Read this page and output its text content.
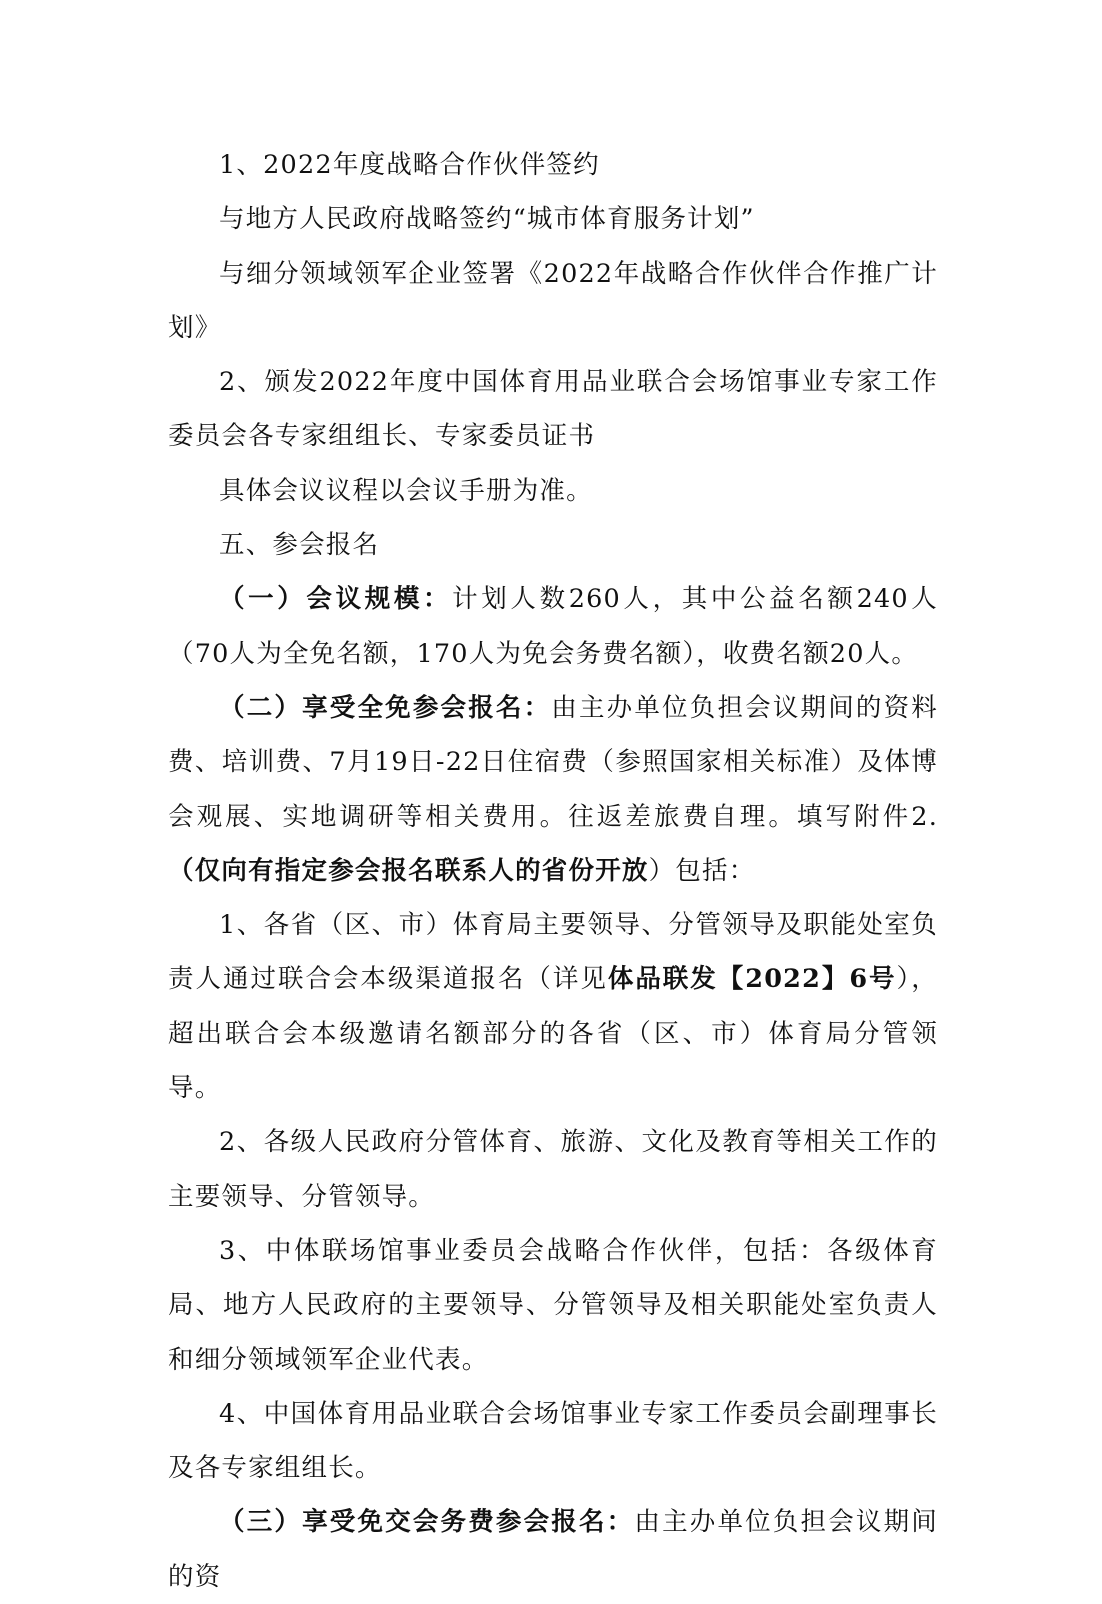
1、2022年度战略合作伙伴签约

与地方人民政府战略签约“城市体育服务计划”

与细分领域领军企业签署《2022年战略合作伙伴合作推广计划》

2、颁发2022年度中国体育用品业联合会场馆事业专家工作委员会各专家组组长、专家委员证书

具体会议议程以会议手册为准。

五、参会报名

（一）会议规模：计划人数260人，其中公益名额240人（70人为全免名额，170人为免会务费名额），收费名额20人。

（二）享受全免参会报名：由主办单位负担会议期间的资料费、培训费、7月19日-22日住宿费（参照国家相关标准）及体博会观展、实地调研等相关费用。往返差旅费自理。填写附件2.（仅向有指定参会报名联系人的省份开放）包括：

1、各省（区、市）体育局主要领导、分管领导及职能处室负责人通过联合会本级渠道报名（详见体品联发【2022】6号），超出联合会本级邀请名额部分的各省（区、市）体育局分管领导。

2、各级人民政府分管体育、旅游、文化及教育等相关工作的主要领导、分管领导。

3、中体联场馆事业委员会战略合作伙伴，包括：各级体育局、地方人民政府的主要领导、分管领导及相关职能处室负责人和细分领域领军企业代表。

4、中国体育用品业联合会场馆事业专家工作委员会副理事长及各专家组组长。

（三）享受免交会务费参会报名：由主办单位负担会议期间的资
